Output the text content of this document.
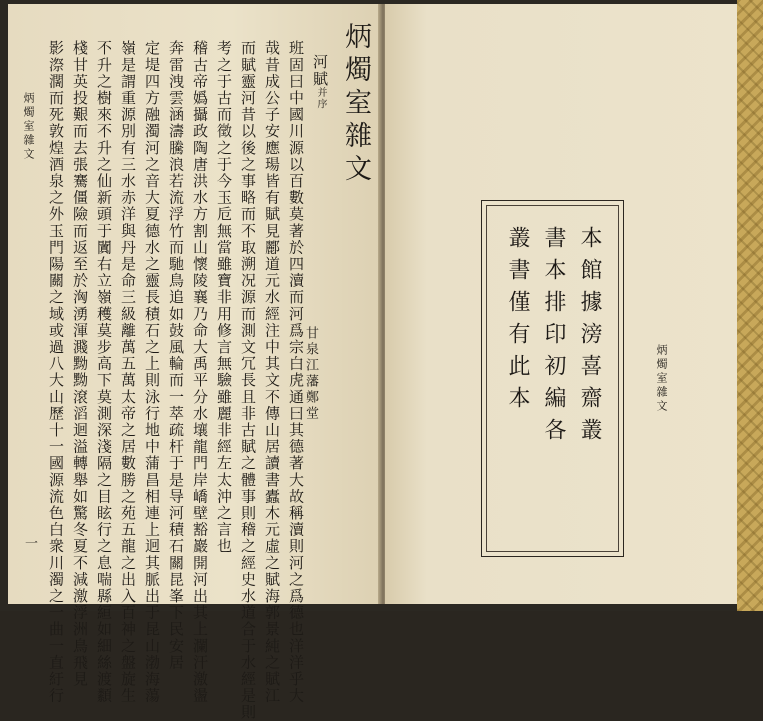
炳燭室雜文
炳燭室雜文
一
河賦并序
班固曰中國川源以百數莫著於四瀆而河爲宗白虎通曰其德著大故稱瀆則河之爲德也洋洋乎大
哉昔成公子安應瑒皆有賦見酈道元水經注中其文不傳山居讀書蠹木元虛之賦海郭景純之賦江
而賦靈河昔以後之事略而不取溯况源而測文冗長且非古賦之體事則稽之經史水道合于水經是則
考之于古而徵之于今玉卮無當雖寶非用修言無驗雖麗非經左太沖之言也
稽古帝嬀攝政陶唐洪水方割山懷陵襄乃命大禹平分水壤龍門岸嶠壁豁巖開河出其上瀾汗激盪
奔雷洩雲涵濤騰浪若流浮竹而馳鳥追如鼓風輪而一萃疏杆于是导河積石關昆峯下民安居
定堤四方融濁河之音大夏德水之靈長積石之上則泳行地中蒲昌相連上迥其脈出于昆山渤海蕩
嶺是謂重源別有三水赤洋與丹是命三級離萬五萬太帝之居數勝之苑五龍之出入百神之盤旋生
不升之樹來不升之仙新頭于闐右立嶺穫莫步高下莫測深淺隔之目眩行之息喘縣絙如細絲渡纇
棧甘英投艱而去張騫僵險而返至於洶湧渾濺黝黝滾滔迴溢轉舉如驚冬夏不減激浮洲鳥飛見
影漈濶而死敦煌酒泉之外玉門陽關之域或過八大山歷十一國源流色白衆川濁之一曲一直紆行	甘泉江藩鄭堂	本館據滂喜齋叢
書本排印初編各
叢書僅有此本	炳燭室雜文
